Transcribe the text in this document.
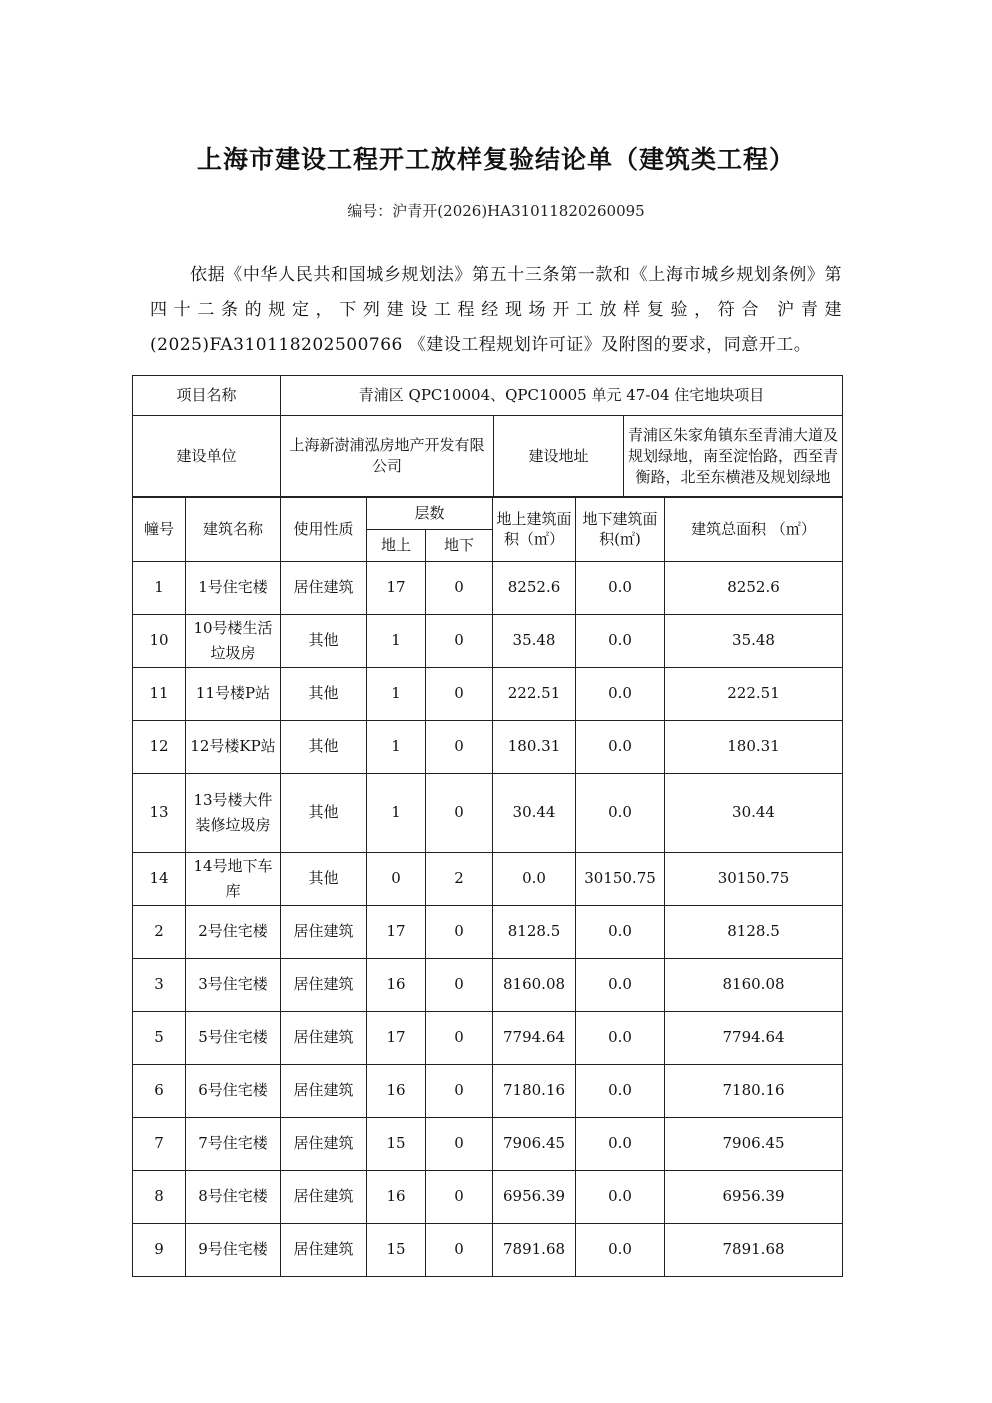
上海市建设工程开工放样复验结论单（建筑类工程）
编号：沪青开(2026)HA31011820260095
依据《中华人民共和国城乡规划法》第五十三条第一款和《上海市城乡规划条例》第四十二条的规定，下列建设工程经现场开工放样复验，符合 沪青建(2025)FA310118202500766 《建设工程规划许可证》及附图的要求，同意开工。
项目名称	青浦区 QPC10004、QPC10005 单元 47-04 住宅地块项目		
建设单位	上海新澍浦泓房地产开发有限公司	建设地址	青浦区朱家角镇东至青浦大道及规划绿地，南至淀怡路，西至青衡路，北至东横港及规划绿地
幢号	建筑名称	使用性质	层数		地上建筑面积（㎡）	地下建筑面积(㎡)	建筑总面积 （㎡）
			地上	地下			
1	1号住宅楼	居住建筑	17	0	8252.6	0.0	8252.6
10	10号楼生活垃圾房	其他	1	0	35.48	0.0	35.48
11	11号楼P站	其他	1	0	222.51	0.0	222.51
12	12号楼KP站	其他	1	0	180.31	0.0	180.31
13	13号楼大件装修垃圾房	其他	1	0	30.44	0.0	30.44
14	14号地下车库	其他	0	2	0.0	30150.75	30150.75
2	2号住宅楼	居住建筑	17	0	8128.5	0.0	8128.5
3	3号住宅楼	居住建筑	16	0	8160.08	0.0	8160.08
5	5号住宅楼	居住建筑	17	0	7794.64	0.0	7794.64
6	6号住宅楼	居住建筑	16	0	7180.16	0.0	7180.16
7	7号住宅楼	居住建筑	15	0	7906.45	0.0	7906.45
8	8号住宅楼	居住建筑	16	0	6956.39	0.0	6956.39
9	9号住宅楼	居住建筑	15	0	7891.68	0.0	7891.68
